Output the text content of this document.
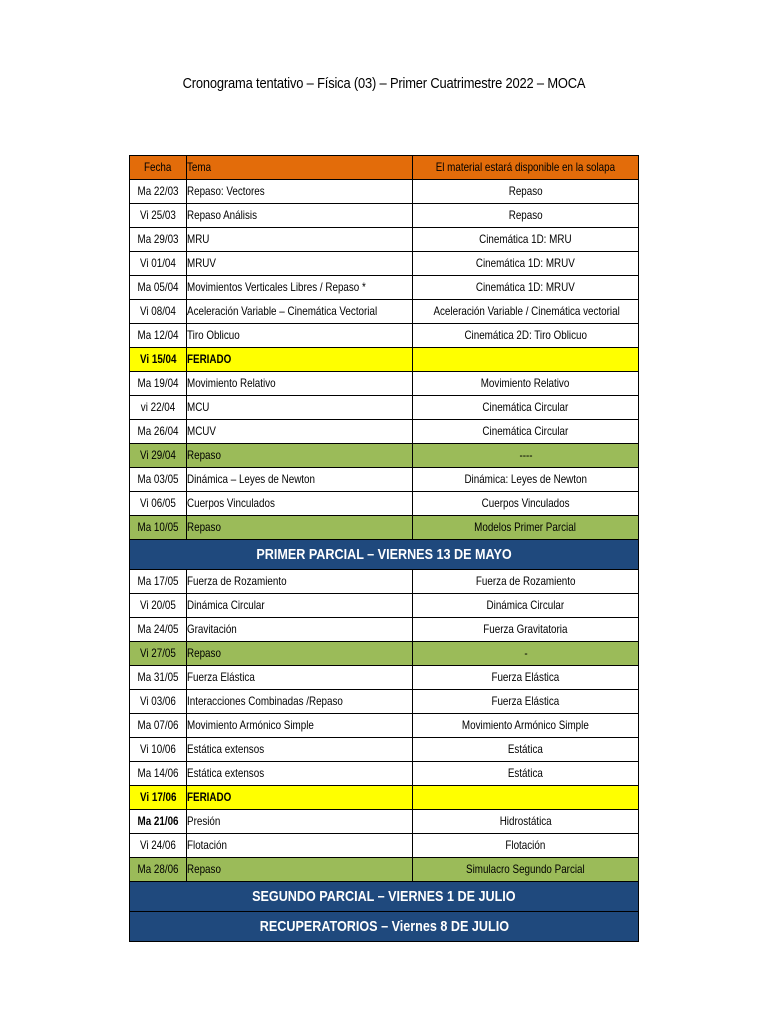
Cronograma tentativo – Física (03) – Primer Cuatrimestre 2022 – MOCA
Fecha	Tema	El material estará disponible en la solapa
Ma 22/03	Repaso: Vectores	Repaso
Vi 25/03	Repaso Análisis	Repaso
Ma 29/03	MRU	Cinemática 1D: MRU
Vi 01/04	MRUV	Cinemática 1D: MRUV
Ma 05/04	Movimientos Verticales Libres / Repaso *	Cinemática 1D: MRUV
Vi 08/04	Aceleración Variable – Cinemática Vectorial	Aceleración Variable / Cinemática vectorial
Ma 12/04	Tiro Oblicuo	Cinemática 2D: Tiro Oblicuo
Vi 15/04	FERIADO	
Ma 19/04	Movimiento Relativo	Movimiento Relativo
vi 22/04	MCU	Cinemática Circular
Ma 26/04	MCUV	Cinemática Circular
Vi 29/04	Repaso	----
Ma 03/05	Dinámica – Leyes de Newton	Dinámica: Leyes de Newton
Vi 06/05	Cuerpos Vinculados	Cuerpos Vinculados
Ma 10/05	Repaso	Modelos Primer Parcial
PRIMER PARCIAL – VIERNES 13 DE MAYO		
Ma 17/05	Fuerza de Rozamiento	Fuerza de Rozamiento
Vi 20/05	Dinámica Circular	Dinámica Circular
Ma 24/05	Gravitación	Fuerza Gravitatoria
Vi 27/05	Repaso	-
Ma 31/05	Fuerza Elástica	Fuerza Elástica
Vi 03/06	Interacciones Combinadas /Repaso	Fuerza Elástica
Ma 07/06	Movimiento Armónico Simple	Movimiento Armónico Simple
Vi 10/06	Estática extensos	Estática
Ma 14/06	Estática extensos	Estática
Vi 17/06	FERIADO	
Ma 21/06	Presión	Hidrostática
Vi 24/06	Flotación	Flotación
Ma 28/06	Repaso	Simulacro Segundo Parcial
SEGUNDO PARCIAL – VIERNES 1 DE JULIO		
RECUPERATORIOS – Viernes 8 DE JULIO		
